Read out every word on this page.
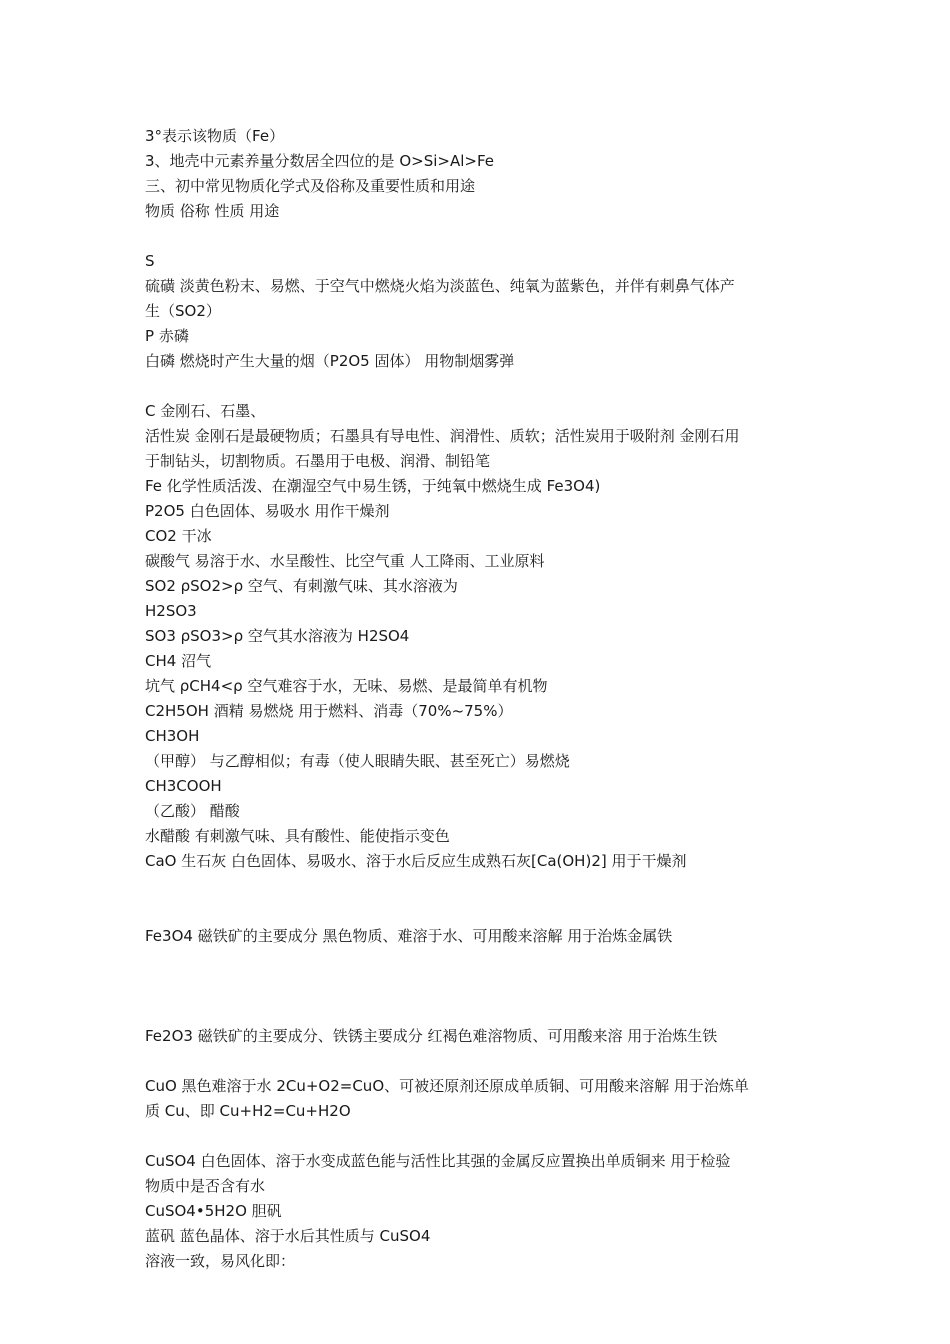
3°表示该物质（Fe）
3、地壳中元素养量分数居全四位的是 O>Si>Al>Fe
三、初中常见物质化学式及俗称及重要性质和用途
物质 俗称 性质 用途
S
硫磺 淡黄色粉末、易燃、于空气中燃烧火焰为淡蓝色、纯氧为蓝紫色，并伴有刺鼻气体产
生（SO2）
P 赤磷
白磷 燃烧时产生大量的烟（P2O5 固体） 用物制烟雾弹
C 金刚石、石墨、
活性炭 金刚石是最硬物质；石墨具有导电性、润滑性、质软；活性炭用于吸附剂 金刚石用
于制钻头，切割物质。石墨用于电极、润滑、制铅笔
Fe 化学性质活泼、在潮湿空气中易生锈，于纯氧中燃烧生成 Fe3O4)
P2O5 白色固体、易吸水 用作干燥剂
CO2 干冰
碳酸气 易溶于水、水呈酸性、比空气重 人工降雨、工业原料
SO2 ρSO2>ρ 空气、有刺激气味、其水溶液为
H2SO3
SO3 ρSO3>ρ 空气其水溶液为 H2SO4
CH4 沼气
坑气 ρCH4<ρ 空气难容于水，无味、易燃、是最简单有机物
C2H5OH 酒精 易燃烧 用于燃料、消毒（70%~75%）
CH3OH
（甲醇） 与乙醇相似；有毒（使人眼睛失眠、甚至死亡）易燃烧
CH3COOH
（乙酸） 醋酸
水醋酸 有刺激气味、具有酸性、能使指示变色
CaO 生石灰 白色固体、易吸水、溶于水后反应生成熟石灰[Ca(OH)2] 用于干燥剂
Fe3O4 磁铁矿的主要成分 黑色物质、难溶于水、可用酸来溶解 用于治炼金属铁
Fe2O3 磁铁矿的主要成分、铁锈主要成分 红褐色难溶物质、可用酸来溶 用于治炼生铁
CuO 黑色难溶于水 2Cu+O2=CuO、可被还原剂还原成单质铜、可用酸来溶解 用于治炼单
质 Cu、即 Cu+H2=Cu+H2O
CuSO4 白色固体、溶于水变成蓝色能与活性比其强的金属反应置换出单质铜来 用于检验
物质中是否含有水
CuSO4•5H2O 胆矾
蓝矾 蓝色晶体、溶于水后其性质与 CuSO4
溶液一致，易风化即：
